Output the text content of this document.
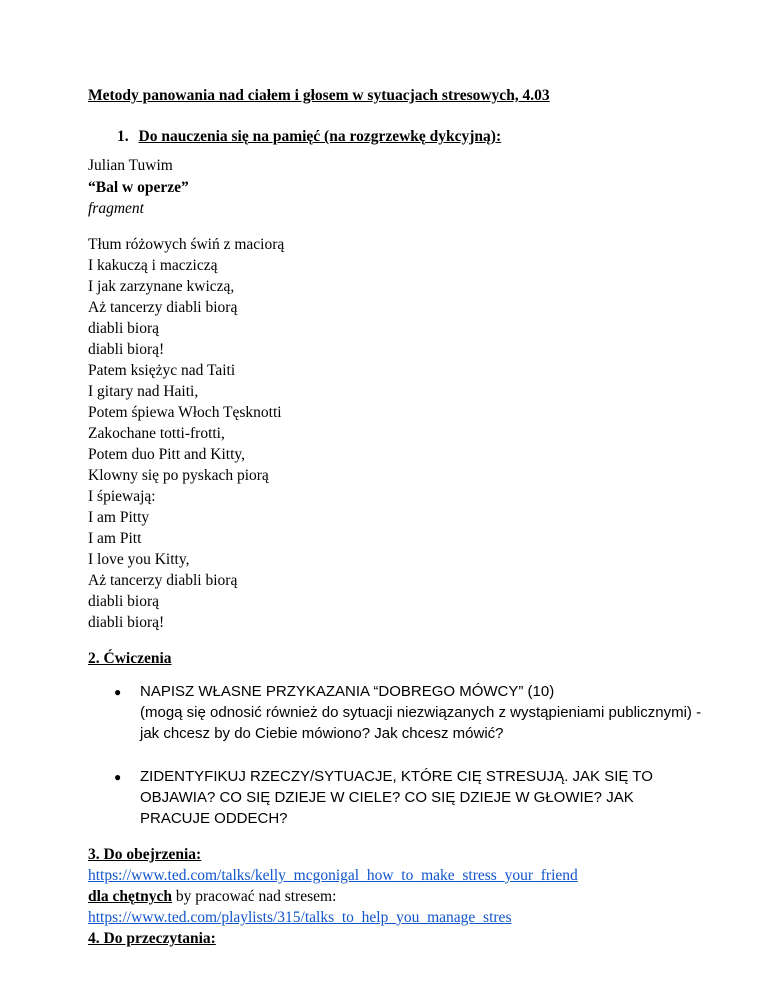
Metody panowania nad ciałem i głosem w sytuacjach stresowych, 4.03
1. Do nauczenia się na pamięć (na rozgrzewkę dykcyjną):
Julian Tuwim
“Bal w operze”
fragment
Tłum różowych świń z maciorą
I kakuczą i macziczą
I jak zarzynane kwiczą,
Aż tancerzy diabli biorą
diabli biorą
diabli biorą!
Patem księżyc nad Taiti
I gitary nad Haiti,
Potem śpiewa Włoch Tęsknotti
Zakochane totti-frotti,
Potem duo Pitt and Kitty,
Klowny się po pyskach piorą
I śpiewają:
I am Pitty
I am Pitt
I love you Kitty,
Aż tancerzy diabli biorą
diabli biorą
diabli biorą!
2. Ćwiczenia
● NAPISZ WŁASNE PRZYKAZANIA “DOBREGO MÓWCY” (10)
(mogą się odnosić również do sytuacji niezwiązanych z wystąpieniami publicznymi) -
jak chcesz by do Ciebie mówiono? Jak chcesz mówić?
● ZIDENTYFIKUJ RZECZY/SYTUACJE, KTÓRE CIĘ STRESUJĄ. JAK SIĘ TO
OBJAWIA? CO SIĘ DZIEJE W CIELE? CO SIĘ DZIEJE W GŁOWIE? JAK
PRACUJE ODDECH?
3. Do obejrzenia:
https://www.ted.com/talks/kelly_mcgonigal_how_to_make_stress_your_friend
dla chętnych by pracować nad stresem:
https://www.ted.com/playlists/315/talks_to_help_you_manage_stres
4. Do przeczytania:
